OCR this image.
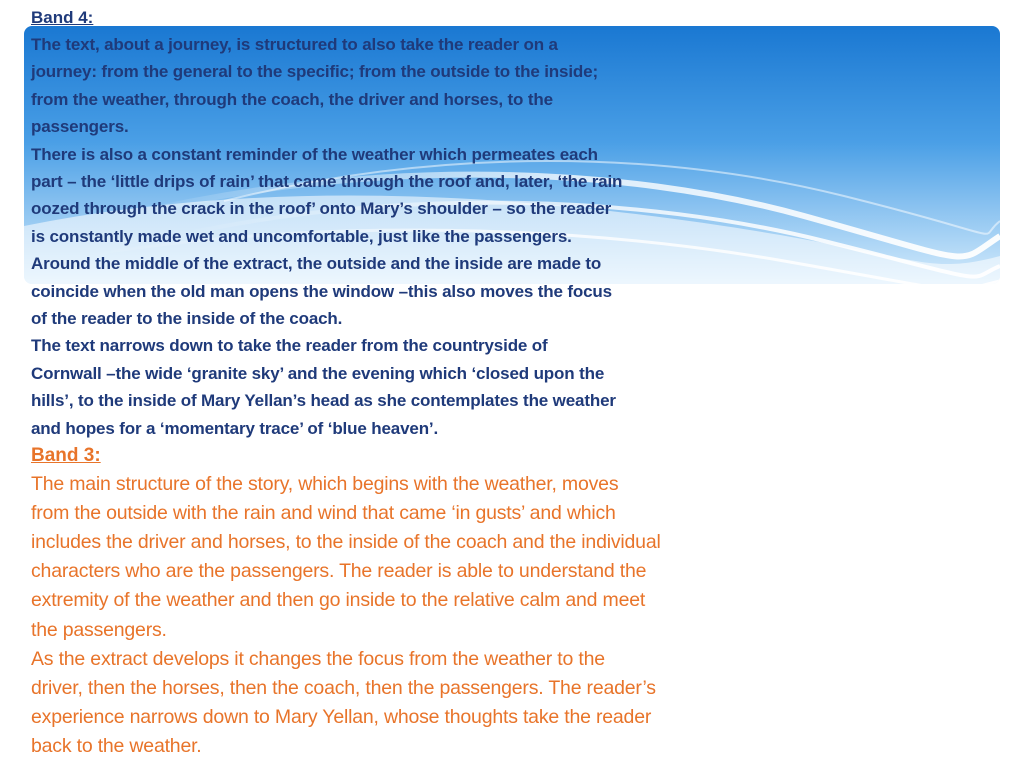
Band 4:
The text, about a journey, is structured to also take the reader on a
journey: from the general to the specific; from the outside to the inside;
from the weather, through the coach, the driver and horses, to the
passengers.
There is also a constant reminder of the weather which permeates each
part – the ‘little drips of rain’ that came through the roof and, later, ‘the rain
oozed through the crack in the roof’ onto Mary’s shoulder – so the reader
is constantly made wet and uncomfortable, just like the passengers.
Around the middle of the extract, the outside and the inside are made to
coincide when the old man opens the window –this also moves the focus
of the reader to the inside of the coach.
The text narrows down to take the reader from the countryside of
Cornwall –the wide ‘granite sky’ and the evening which ‘closed upon the
hills’, to the inside of Mary Yellan’s head as she contemplates the weather
and hopes for a ‘momentary trace’ of ‘blue heaven’.
Band 3:
The main structure of the story, which begins with the weather, moves
from the outside with the rain and wind that came ‘in gusts’ and which
includes the driver and horses, to the inside of the coach and the individual
characters who are the passengers. The reader is able to understand the
extremity of the weather and then go inside to the relative calm and meet
the passengers.
As the extract develops it changes the focus from the weather to the
driver, then the horses, then the coach, then the passengers. The reader’s
experience narrows down to Mary Yellan, whose thoughts take the reader
back to the weather.
